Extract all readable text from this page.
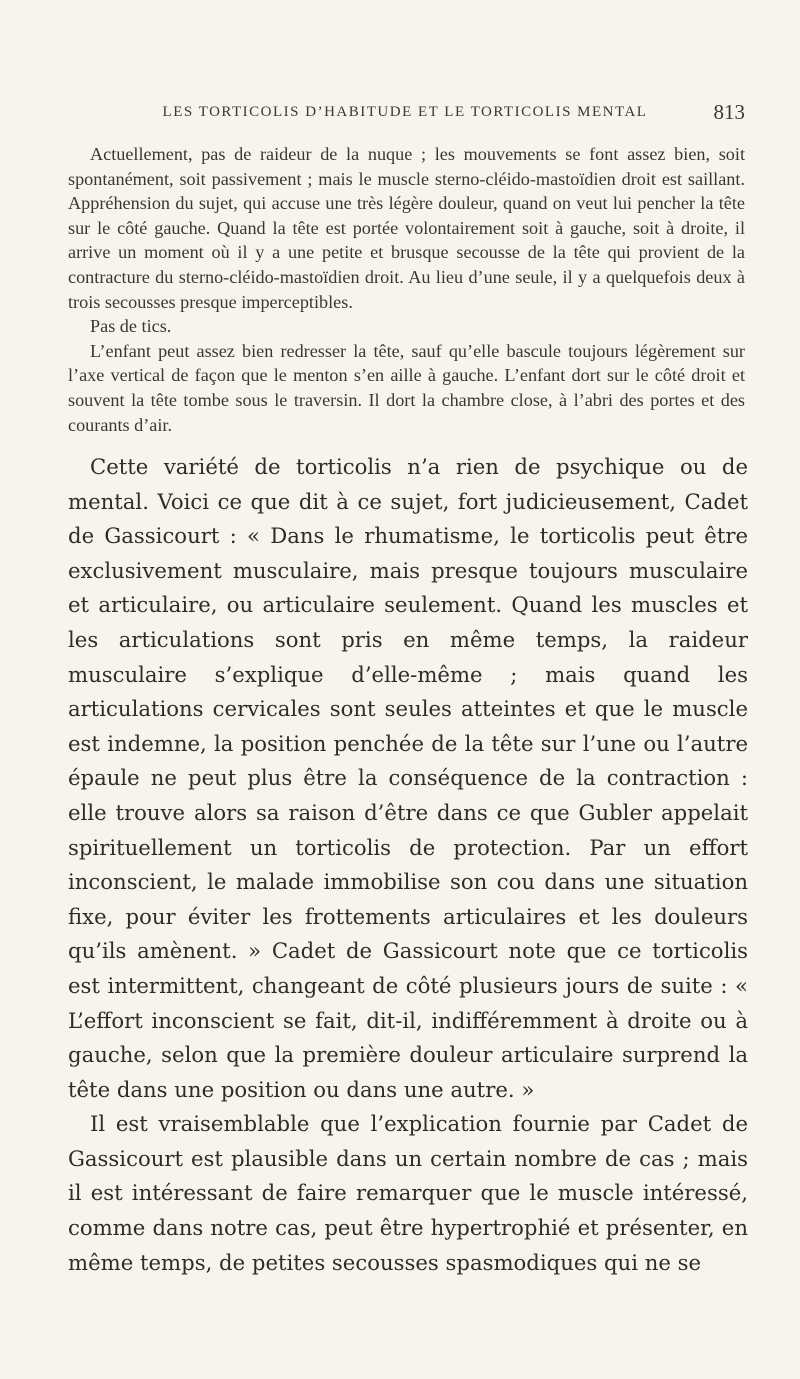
LES TORTICOLIS D’HABITUDE ET LE TORTICOLIS MENTAL	813

Actuellement, pas de raideur de la nuque ; les mouvements se font assez bien, soit spontanément, soit passivement ; mais le muscle sterno-cléido-mastoïdien droit est saillant. Appréhension du sujet, qui accuse une très légère douleur, quand on veut lui pencher la tête sur le côté gauche. Quand la tête est portée volontairement soit à gauche, soit à droite, il arrive un moment où il y a une petite et brusque secousse de la tête qui provient de la contracture du sterno-cléido-mastoïdien droit. Au lieu d’une seule, il y a quelquefois deux à trois secousses presque imperceptibles.

Pas de tics.

L’enfant peut assez bien redresser la tête, sauf qu’elle bascule toujours légèrement sur l’axe vertical de façon que le menton s’en aille à gauche. L’enfant dort sur le côté droit et souvent la tête tombe sous le traversin. Il dort la chambre close, à l’abri des portes et des courants d’air.

Cette variété de torticolis n’a rien de psychique ou de mental. Voici ce que dit à ce sujet, fort judicieusement, Cadet de Gassicourt : « Dans le rhumatisme, le torticolis peut être exclusivement musculaire, mais presque toujours musculaire et articulaire, ou articulaire seulement. Quand les muscles et les articulations sont pris en même temps, la raideur musculaire s’explique d’elle-même ; mais quand les articulations cervicales sont seules atteintes et que le muscle est indemne, la position penchée de la tête sur l’une ou l’autre épaule ne peut plus être la conséquence de la contraction : elle trouve alors sa raison d’être dans ce que Gubler appelait spirituellement un torticolis de protection. Par un effort inconscient, le malade immobilise son cou dans une situation fixe, pour éviter les frottements articulaires et les douleurs qu’ils amènent. » Cadet de Gassicourt note que ce torticolis est intermittent, changeant de côté plusieurs jours de suite : « L’effort inconscient se fait, dit-il, indifféremment à droite ou à gauche, selon que la première douleur articulaire surprend la tête dans une position ou dans une autre. »

Il est vraisemblable que l’explication fournie par Cadet de Gassicourt est plausible dans un certain nombre de cas ; mais il est intéressant de faire remarquer que le muscle intéressé, comme dans notre cas, peut être hypertrophié et présenter, en même temps, de petites secousses spasmodiques qui ne se
